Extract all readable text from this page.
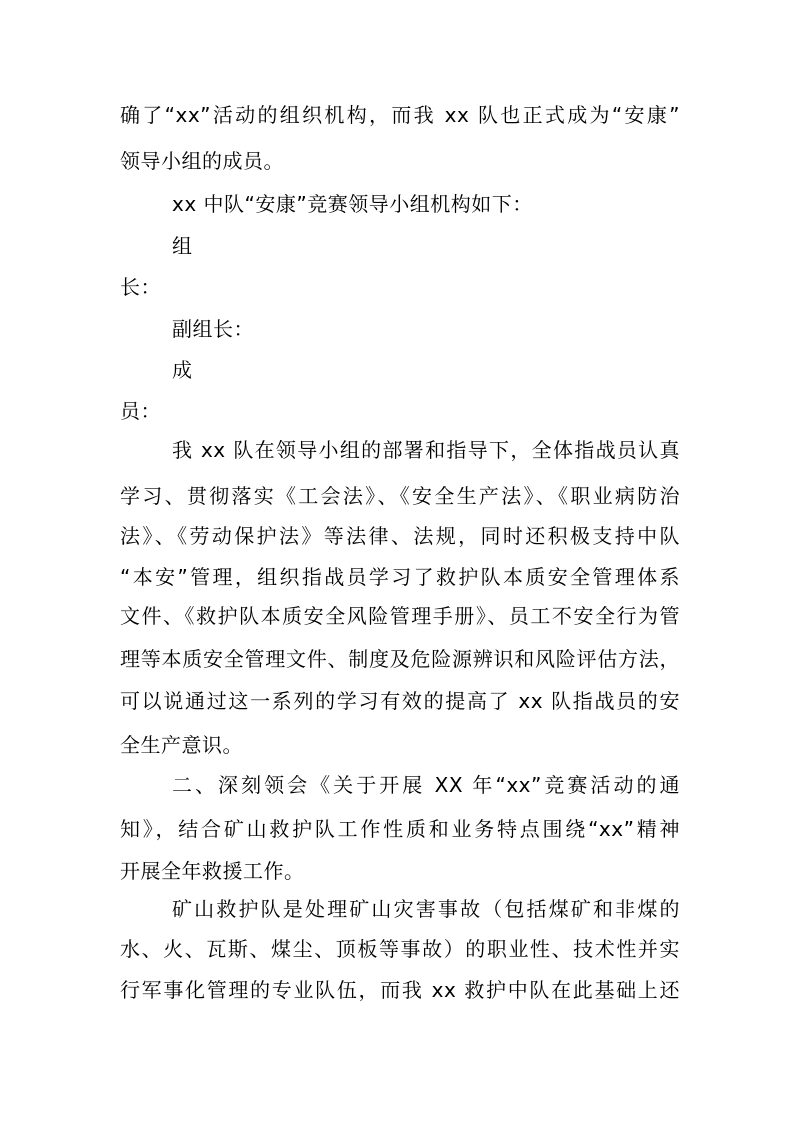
确了“xx”活动的组织机构，而我 xx 队也正式成为“安康”
领导小组的成员。
xx 中队“安康”竞赛领导小组机构如下：
组
长：
副组长：
成
员：
我 xx 队在领导小组的部署和指导下，全体指战员认真
学习、贯彻落实《工会法》、《安全生产法》、《职业病防治
法》、《劳动保护法》等法律、法规，同时还积极支持中队
“本安”管理，组织指战员学习了救护队本质安全管理体系
文件、《救护队本质安全风险管理手册》、员工不安全行为管
理等本质安全管理文件、制度及危险源辨识和风险评估方法，
可以说通过这一系列的学习有效的提高了 xx 队指战员的安
全生产意识。
二、深刻领会《关于开展 XX 年“xx”竞赛活动的通
知》，结合矿山救护队工作性质和业务特点围绕“xx”精神
开展全年救援工作。
矿山救护队是处理矿山灾害事故（包括煤矿和非煤的
水、火、瓦斯、煤尘、顶板等事故）的职业性、技术性并实
行军事化管理的专业队伍，而我 xx 救护中队在此基础上还
